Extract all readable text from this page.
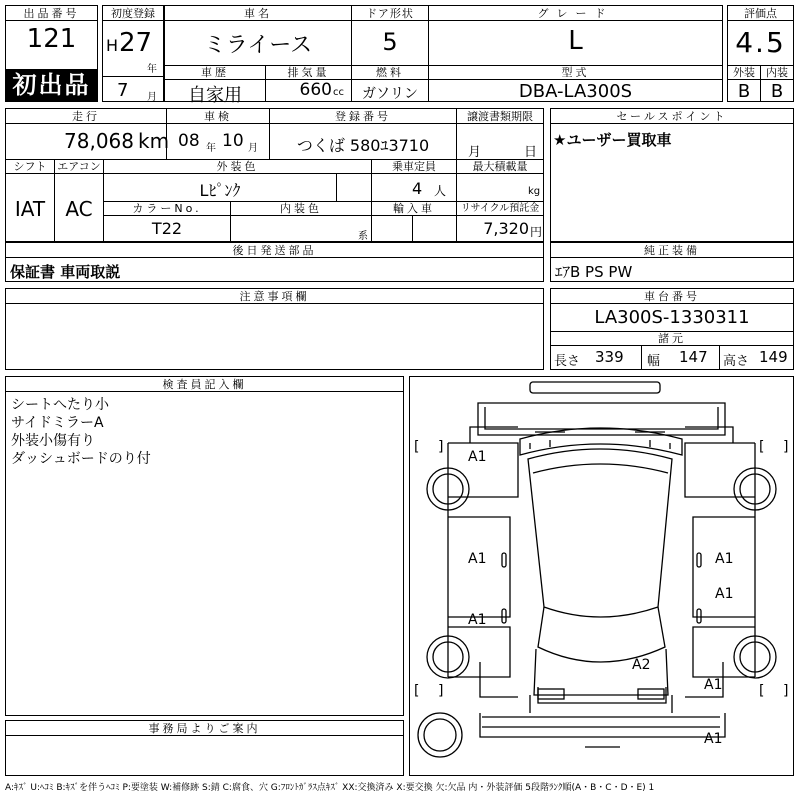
出品番号
121
初出品
初度登録
H 27
年
7 月
車名
ミライース
ドア形状
5
グレード
L
車歴
自家用
排気量
660 cc
燃料
ガソリン
型式
DBA-LA300S
評価点
4.5
外装	内装
B	B
走行
78,068 km
車検
08 年 10 月
登録番号
つくば 580ﾕ3710
譲渡書類期限
月	日
シフト
IAT
エアコン
AC
外装色
Lﾋﾟﾝｸ
乗車定員
4 人
最大積載量
kg
カラーNo.
T22
内装色
系
輸入車	リサイクル預託金
7,320 円
セールスポイント
★ユーザー買取車
後日発送部品
保証書 車両取説
純正装備
ｴｱB PS PW
注意事項欄	車台番号
LA300S-1330311
諸元
長さ 339 幅 147 高さ 149
検査員記入欄
シートへたり小
サイドミラーA
外装小傷有り
ダッシュボードのり付
事務局よりご案内
[ ]	[ ]
[ ]	[ ]
A1
A1	A1
A1
A1
A2
A1
A1
A:ｷｽﾞ U:ﾍｺﾐ B:ｷｽﾞを伴うﾍｺﾐ P:要塗装 W:補修跡 S:錆 C:腐食、穴 G:ﾌﾛﾝﾄｶﾞﾗｽ点ｷｽﾞ XX:交換済み X:要交換 欠:欠品 内・外装評価 5段階ﾗﾝｸ順(A・B・C・D・E) 1
